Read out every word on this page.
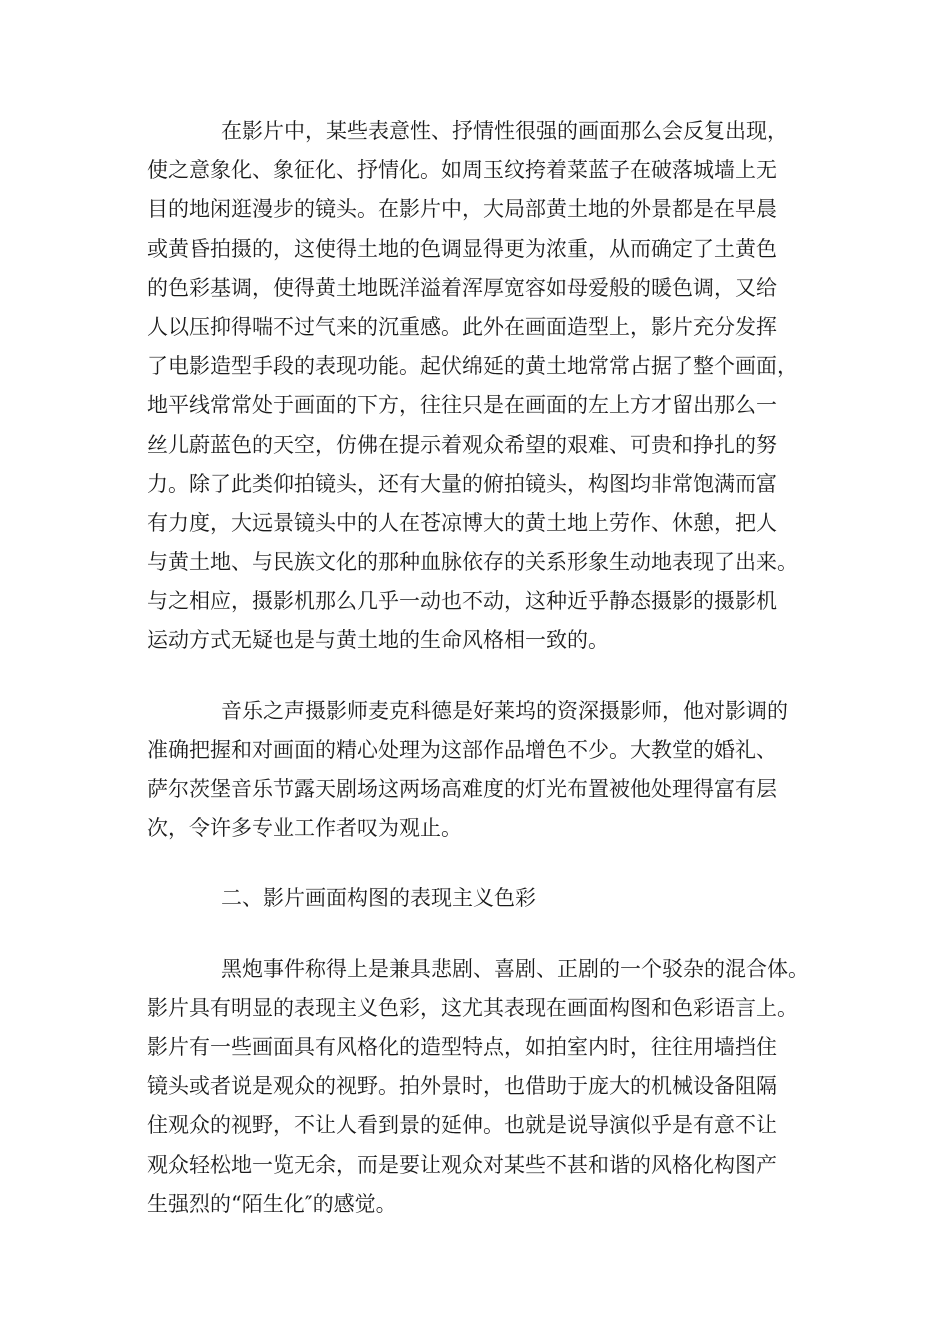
在影片中，某些表意性、抒情性很强的画面那么会反复出现，
使之意象化、象征化、抒情化。如周玉纹挎着菜蓝子在破落城墙上无
目的地闲逛漫步的镜头。在影片中，大局部黄土地的外景都是在早晨
或黄昏拍摄的，这使得土地的色调显得更为浓重，从而确定了土黄色
的色彩基调，使得黄土地既洋溢着浑厚宽容如母爱般的暖色调，又给
人以压抑得喘不过气来的沉重感。此外在画面造型上，影片充分发挥
了电影造型手段的表现功能。起伏绵延的黄土地常常占据了整个画面，
地平线常常处于画面的下方，往往只是在画面的左上方才留出那么一
丝儿蔚蓝色的天空，仿佛在提示着观众希望的艰难、可贵和挣扎的努
力。除了此类仰拍镜头，还有大量的俯拍镜头，构图均非常饱满而富
有力度，大远景镜头中的人在苍凉博大的黄土地上劳作、休憩，把人
与黄土地、与民族文化的那种血脉依存的关系形象生动地表现了出来。
与之相应，摄影机那么几乎一动也不动，这种近乎静态摄影的摄影机
运动方式无疑也是与黄土地的生命风格相一致的。
音乐之声摄影师麦克科德是好莱坞的资深摄影师，他对影调的
准确把握和对画面的精心处理为这部作品增色不少。大教堂的婚礼、
萨尔茨堡音乐节露天剧场这两场高难度的灯光布置被他处理得富有层
次，令许多专业工作者叹为观止。
二、影片画面构图的表现主义色彩
黑炮事件称得上是兼具悲剧、喜剧、正剧的一个驳杂的混合体。
影片具有明显的表现主义色彩，这尤其表现在画面构图和色彩语言上。
影片有一些画面具有风格化的造型特点，如拍室内时，往往用墙挡住
镜头或者说是观众的视野。拍外景时，也借助于庞大的机械设备阻隔
住观众的视野，不让人看到景的延伸。也就是说导演似乎是有意不让
观众轻松地一览无余，而是要让观众对某些不甚和谐的风格化构图产
生强烈的“陌生化″的感觉。
